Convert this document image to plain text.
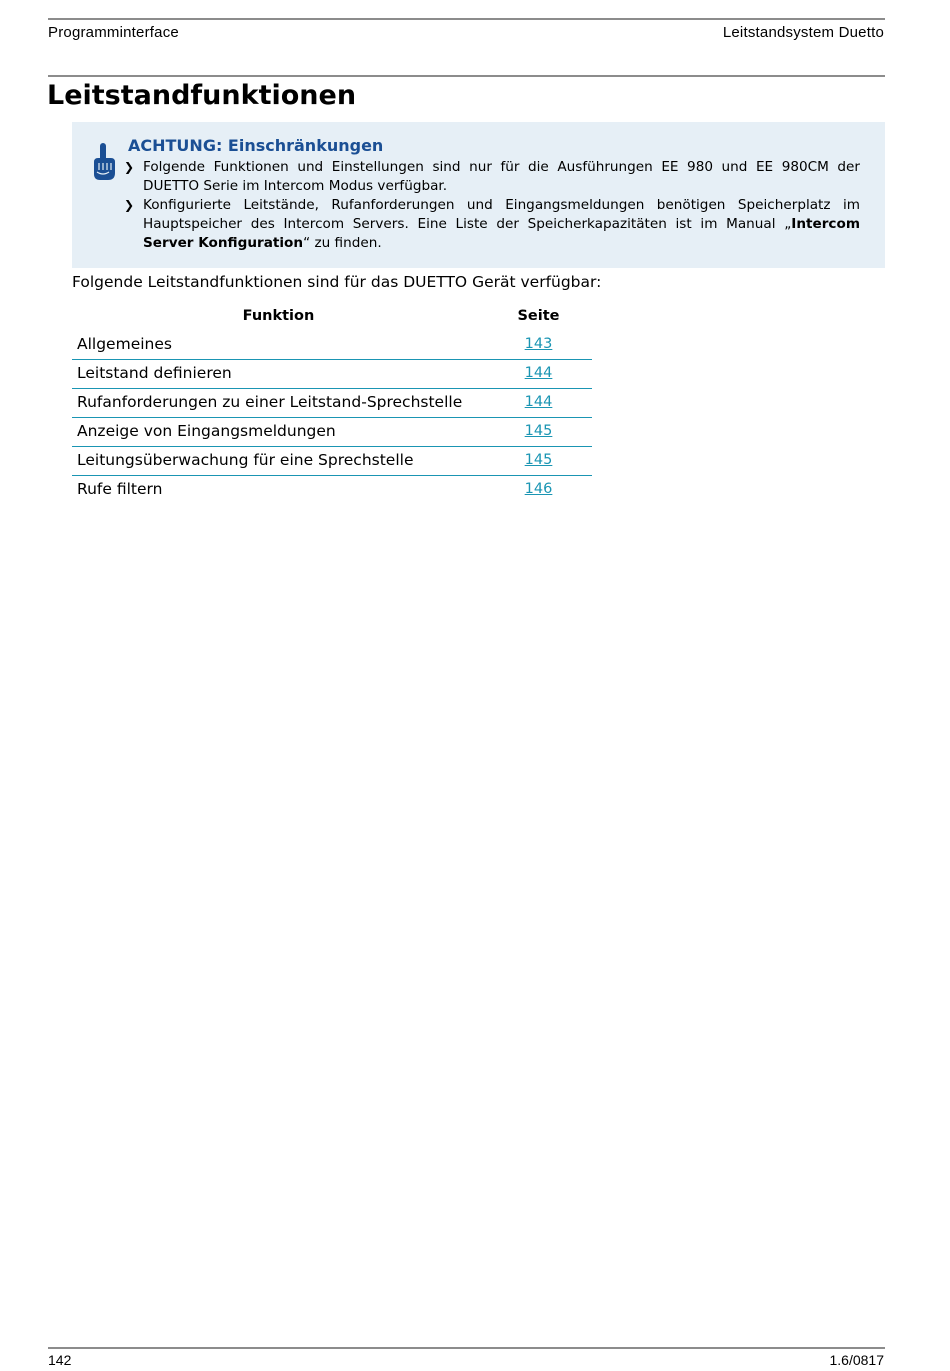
Programminterface	Leitstandsystem Duetto
Leitstandfunktionen
ACHTUNG: Einschränkungen
❯ Folgende Funktionen und Einstellungen sind nur für die Ausführungen EE 980 und EE 980CM der DUETTO Serie im Intercom Modus verfügbar.
❯ Konfigurierte Leitstände, Rufanforderungen und Eingangsmeldungen benötigen Speicherplatz im Hauptspeicher des Intercom Servers. Eine Liste der Speicherkapazitäten ist im Manual „Intercom Server Konfiguration“ zu finden.
Folgende Leitstandfunktionen sind für das DUETTO Gerät verfügbar:
Funktion	Seite
Allgemeines	143
Leitstand definieren	144
Rufanforderungen zu einer Leitstand-Sprechstelle	144
Anzeige von Eingangsmeldungen	145
Leitungsüberwachung für eine Sprechstelle	145
Rufe filtern	146
142	1.6/0817
